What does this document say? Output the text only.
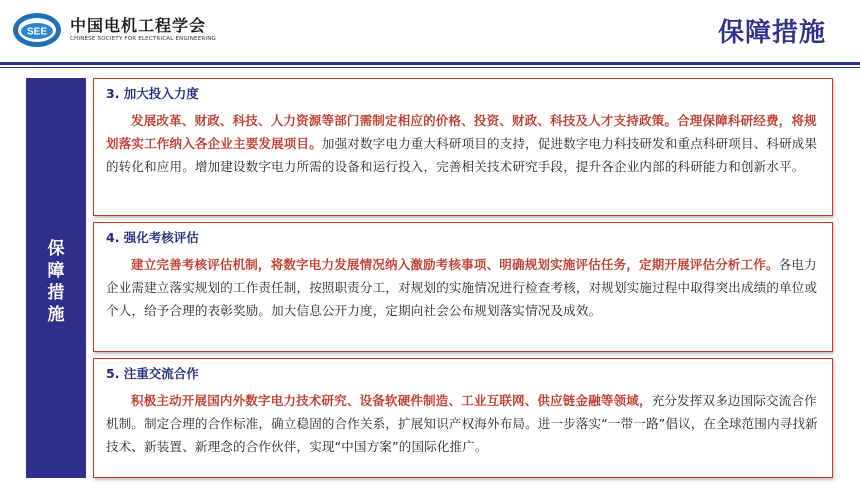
SEE 中国电机工程学会
CHINESE SOCIETY FOR ELECTRICAL ENGINEERING	保障措施
保
障
措
施
3. 加大投入力度
发展改革、财政、科技、人力资源等部门需制定相应的价格、投资、财政、科技及人才支持政策。合理保障科研经费，将规划落实工作纳入各企业主要发展项目。加强对数字电力重大科研项目的支持，促进数字电力科技研发和重点科研项目、科研成果的转化和应用。增加建设数字电力所需的设备和运行投入，完善相关技术研究手段，提升各企业内部的科研能力和创新水平。
4. 强化考核评估
建立完善考核评估机制，将数字电力发展情况纳入激励考核事项、明确规划实施评估任务，定期开展评估分析工作。各电力企业需建立落实规划的工作责任制，按照职责分工，对规划的实施情况进行检查考核，对规划实施过程中取得突出成绩的单位或个人，给予合理的表彰奖励。加大信息公开力度，定期向社会公布规划落实情况及成效。
5. 注重交流合作
积极主动开展国内外数字电力技术研究、设备软硬件制造、工业互联网、供应链金融等领域，充分发挥双多边国际交流合作机制。制定合理的合作标准，确立稳固的合作关系，扩展知识产权海外布局。进一步落实“一带一路”倡议，在全球范围内寻找新技术、新装置、新理念的合作伙伴，实现“中国方案”的国际化推广。
